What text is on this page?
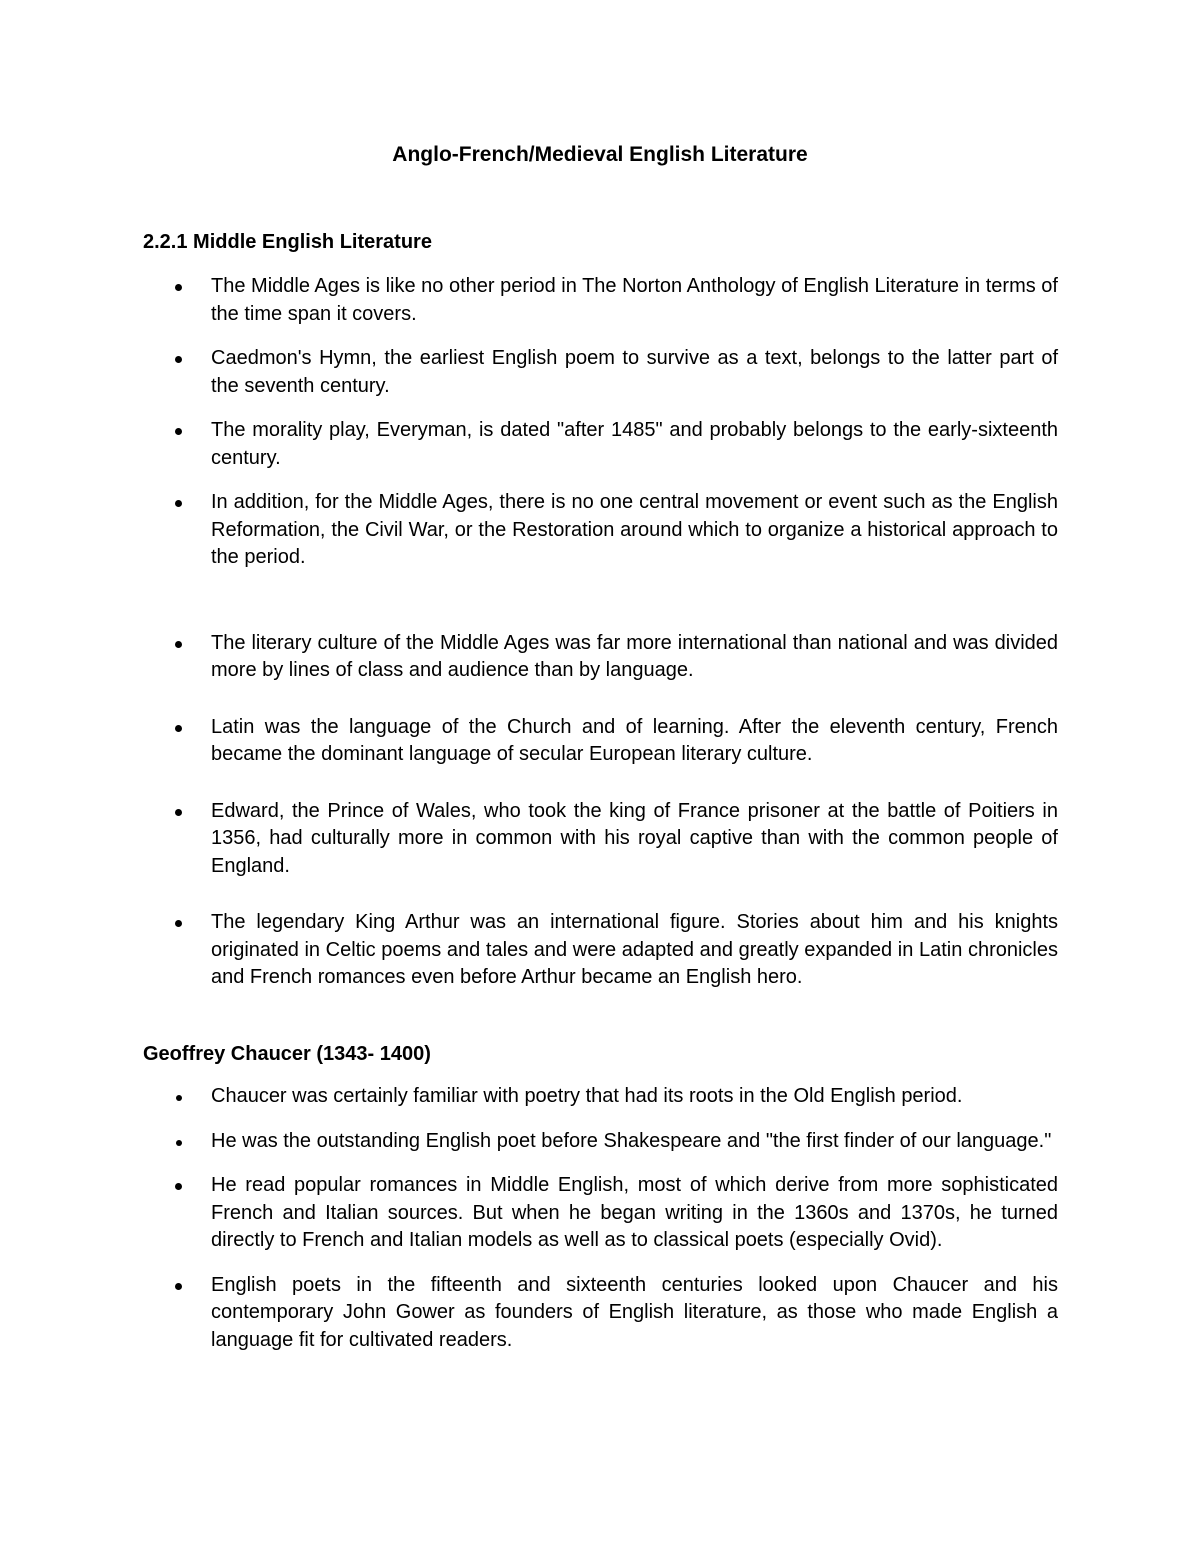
Anglo-French/Medieval English Literature
2.2.1 Middle English Literature
The Middle Ages is like no other period in The Norton Anthology of English Literature in terms of the time span it covers.
Caedmon's Hymn, the earliest English poem to survive as a text, belongs to the latter part of the seventh century.
The morality play, Everyman, is dated "after 1485" and probably belongs to the early-sixteenth century.
In addition, for the Middle Ages, there is no one central movement or event such as the English Reformation, the Civil War, or the Restoration around which to organize a historical approach to the period.
The literary culture of the Middle Ages was far more international than national and was divided more by lines of class and audience than by language.
Latin was the language of the Church and of learning. After the eleventh century, French became the dominant language of secular European literary culture.
Edward, the Prince of Wales, who took the king of France prisoner at the battle of Poitiers in 1356, had culturally more in common with his royal captive than with the common people of England.
The legendary King Arthur was an international figure. Stories about him and his knights originated in Celtic poems and tales and were adapted and greatly expanded in Latin chronicles and French romances even before Arthur became an English hero.
Geoffrey Chaucer (1343- 1400)
Chaucer was certainly familiar with poetry that had its roots in the Old English period.
He was the outstanding English poet before Shakespeare and "the first finder of our language."
He read popular romances in Middle English, most of which derive from more sophisticated French and Italian sources. But when he began writing in the 1360s and 1370s, he turned directly to French and Italian models as well as to classical poets (especially Ovid).
English poets in the fifteenth and sixteenth centuries looked upon Chaucer and his contemporary John Gower as founders of English literature, as those who made English a language fit for cultivated readers.
